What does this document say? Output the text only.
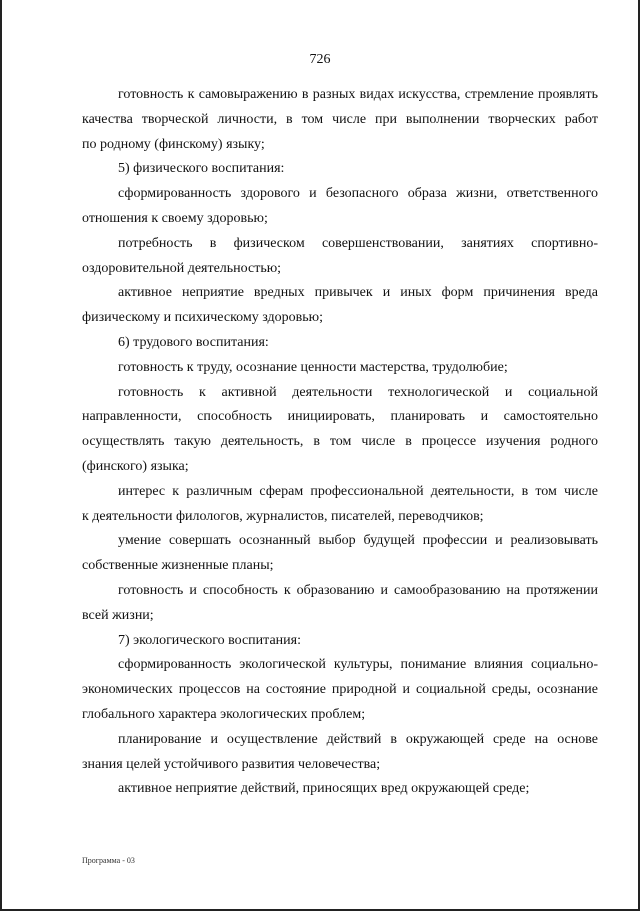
726
готовность к самовыражению в разных видах искусства, стремление проявлять
качества творческой личности, в том числе при выполнении творческих работ
по родному (финскому) языку;
5) физического воспитания:
сформированность здорового и безопасного образа жизни, ответственного
отношения к своему здоровью;
потребность в физическом совершенствовании, занятиях спортивно-
оздоровительной деятельностью;
активное неприятие вредных привычек и иных форм причинения вреда
физическому и психическому здоровью;
6) трудового воспитания:
готовность к труду, осознание ценности мастерства, трудолюбие;
готовность к активной деятельности технологической и социальной
направленности, способность инициировать, планировать и самостоятельно
осуществлять такую деятельность, в том числе в процессе изучения родного
(финского) языка;
интерес к различным сферам профессиональной деятельности, в том числе
к деятельности филологов, журналистов, писателей, переводчиков;
умение совершать осознанный выбор будущей профессии и реализовывать
собственные жизненные планы;
готовность и способность к образованию и самообразованию на протяжении
всей жизни;
7) экологического воспитания:
сформированность экологической культуры, понимание влияния социально-
экономических процессов на состояние природной и социальной среды, осознание
глобального характера экологических проблем;
планирование и осуществление действий в окружающей среде на основе
знания целей устойчивого развития человечества;
активное неприятие действий, приносящих вред окружающей среде;
Программа - 03
